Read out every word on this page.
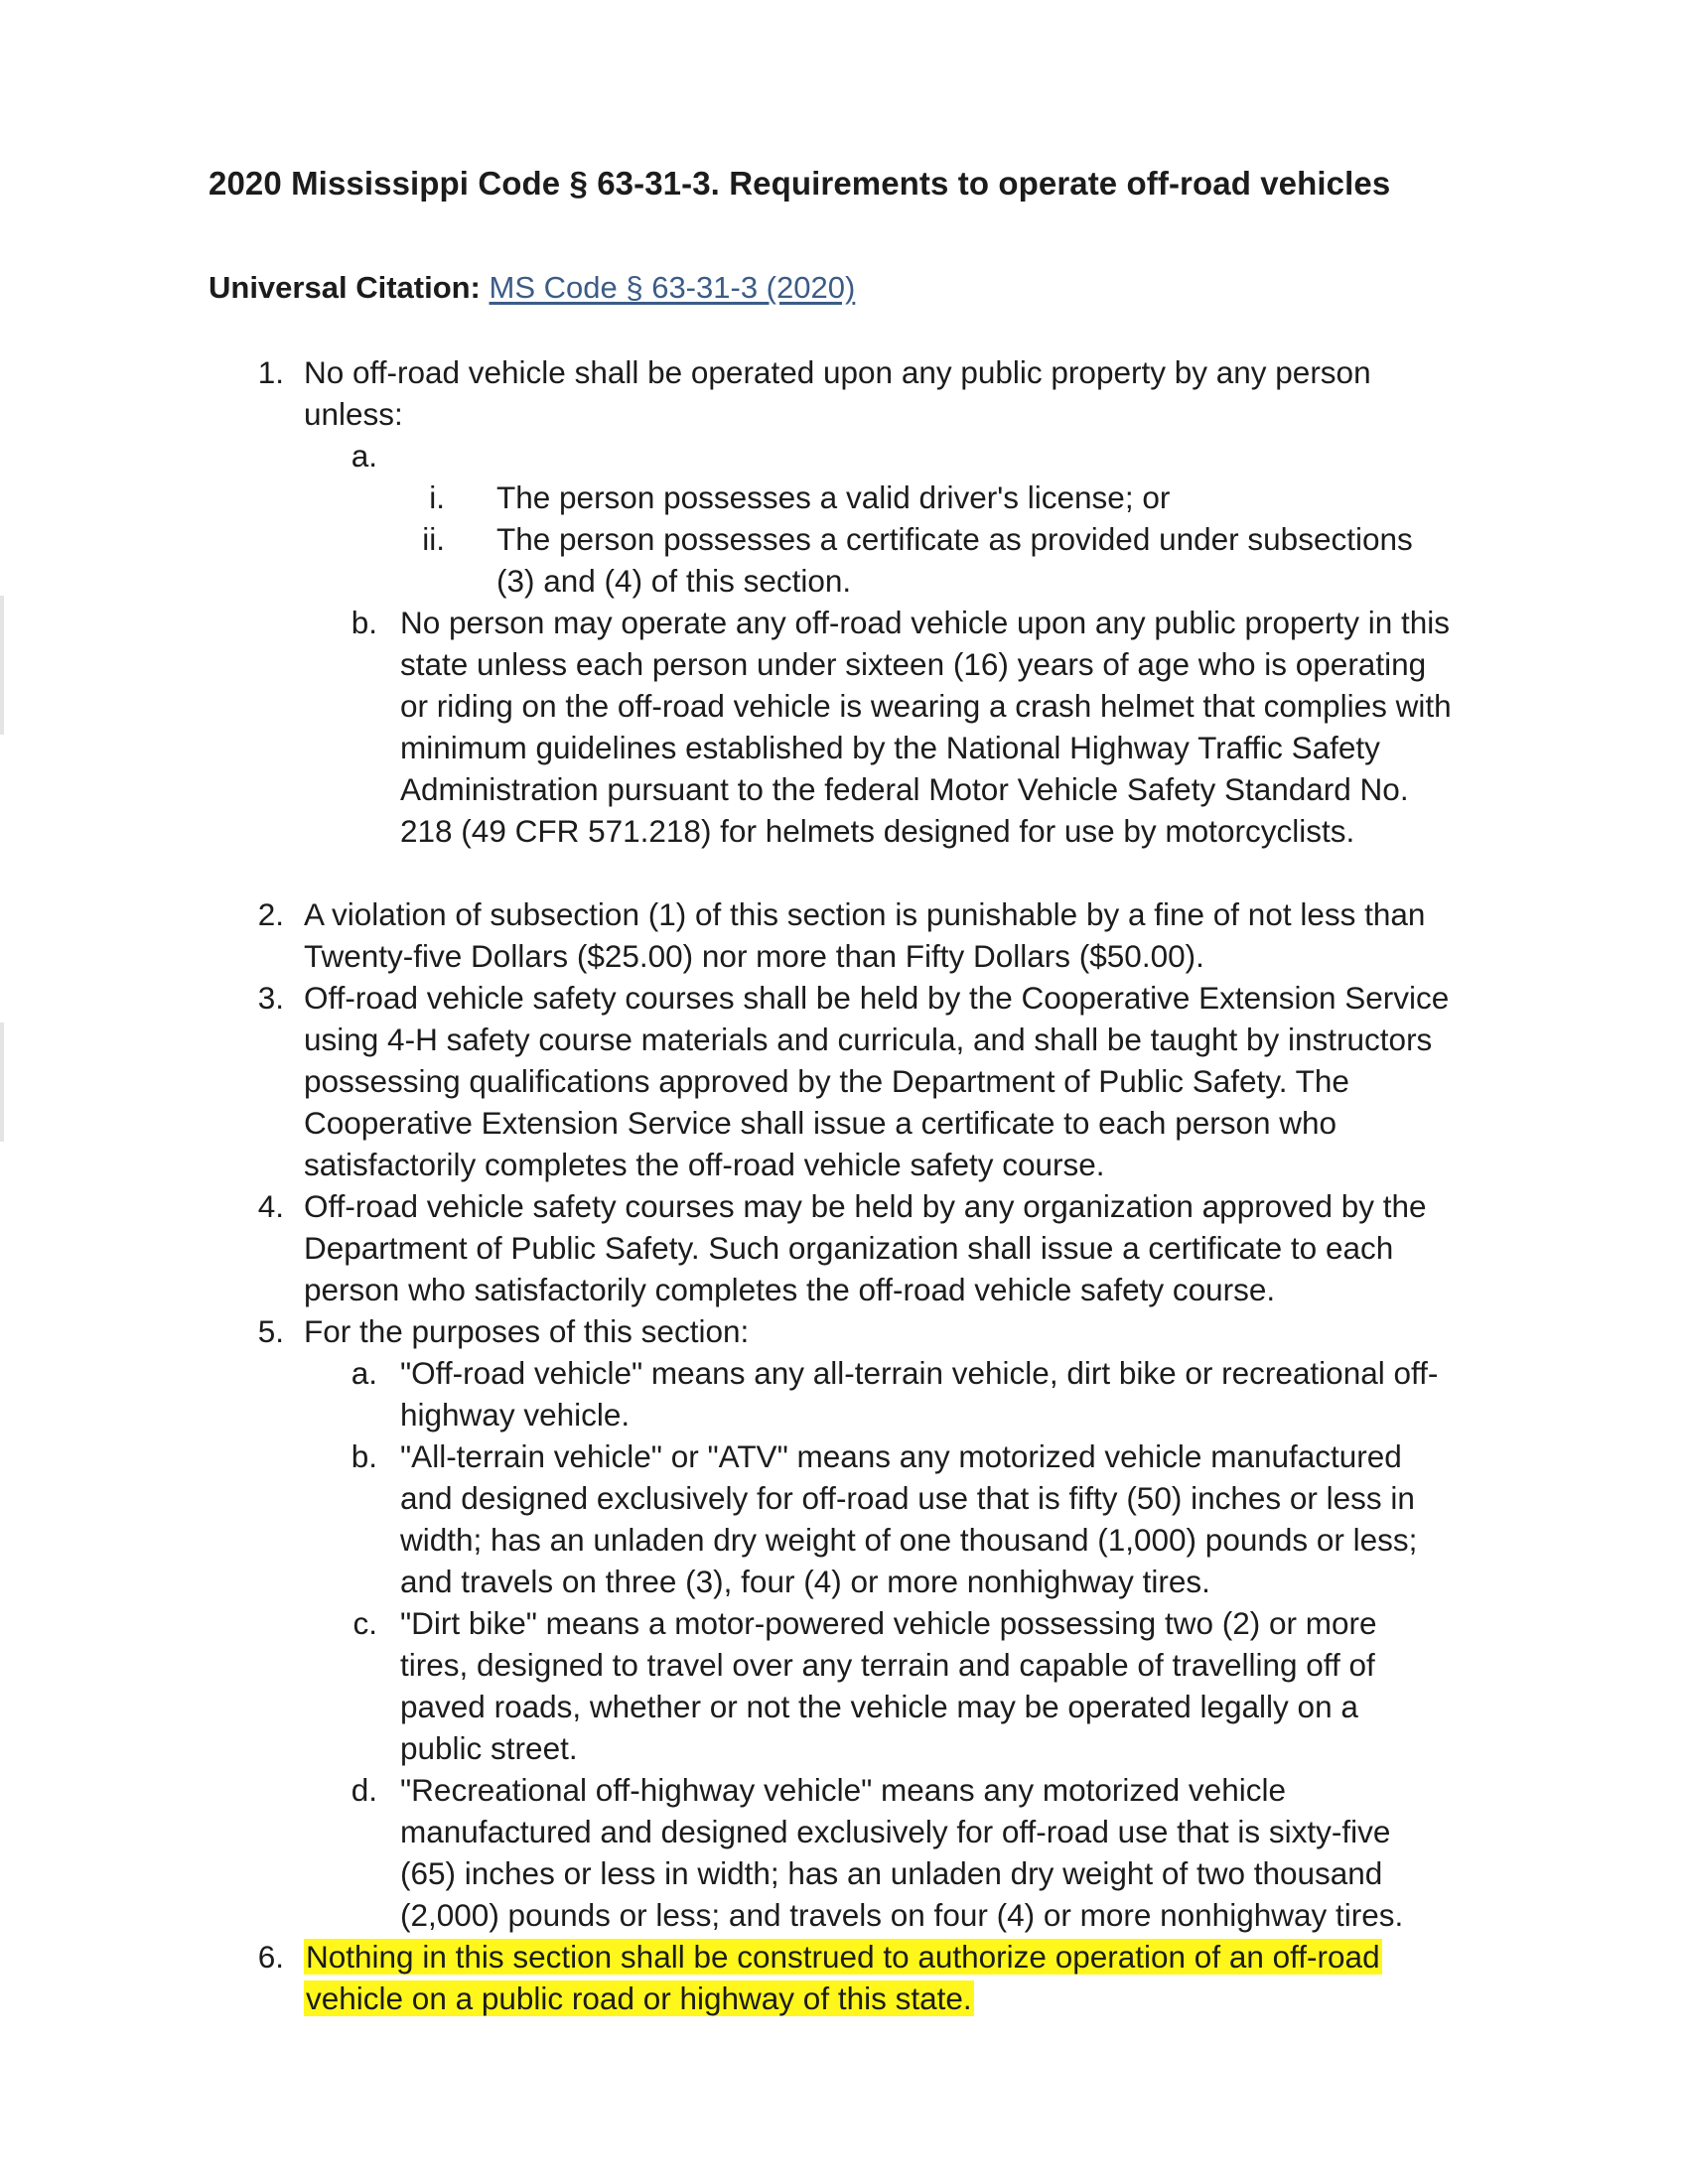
2020 Mississippi Code § 63-31-3. Requirements to operate off-road vehicles
Universal Citation: MS Code § 63-31-3 (2020)
1. No off-road vehicle shall be operated upon any public property by any person unless:
a.
i. The person possesses a valid driver's license; or
ii. The person possesses a certificate as provided under subsections (3) and (4) of this section.
b. No person may operate any off-road vehicle upon any public property in this state unless each person under sixteen (16) years of age who is operating or riding on the off-road vehicle is wearing a crash helmet that complies with minimum guidelines established by the National Highway Traffic Safety Administration pursuant to the federal Motor Vehicle Safety Standard No. 218 (49 CFR 571.218) for helmets designed for use by motorcyclists.
2. A violation of subsection (1) of this section is punishable by a fine of not less than Twenty-five Dollars ($25.00) nor more than Fifty Dollars ($50.00).
3. Off-road vehicle safety courses shall be held by the Cooperative Extension Service using 4-H safety course materials and curricula, and shall be taught by instructors possessing qualifications approved by the Department of Public Safety. The Cooperative Extension Service shall issue a certificate to each person who satisfactorily completes the off-road vehicle safety course.
4. Off-road vehicle safety courses may be held by any organization approved by the Department of Public Safety. Such organization shall issue a certificate to each person who satisfactorily completes the off-road vehicle safety course.
5. For the purposes of this section:
a. "Off-road vehicle" means any all-terrain vehicle, dirt bike or recreational off-highway vehicle.
b. "All-terrain vehicle" or "ATV" means any motorized vehicle manufactured and designed exclusively for off-road use that is fifty (50) inches or less in width; has an unladen dry weight of one thousand (1,000) pounds or less; and travels on three (3), four (4) or more nonhighway tires.
c. "Dirt bike" means a motor-powered vehicle possessing two (2) or more tires, designed to travel over any terrain and capable of travelling off of paved roads, whether or not the vehicle may be operated legally on a public street.
d. "Recreational off-highway vehicle" means any motorized vehicle manufactured and designed exclusively for off-road use that is sixty-five (65) inches or less in width; has an unladen dry weight of two thousand (2,000) pounds or less; and travels on four (4) or more nonhighway tires.
6. Nothing in this section shall be construed to authorize operation of an off-road vehicle on a public road or highway of this state.
